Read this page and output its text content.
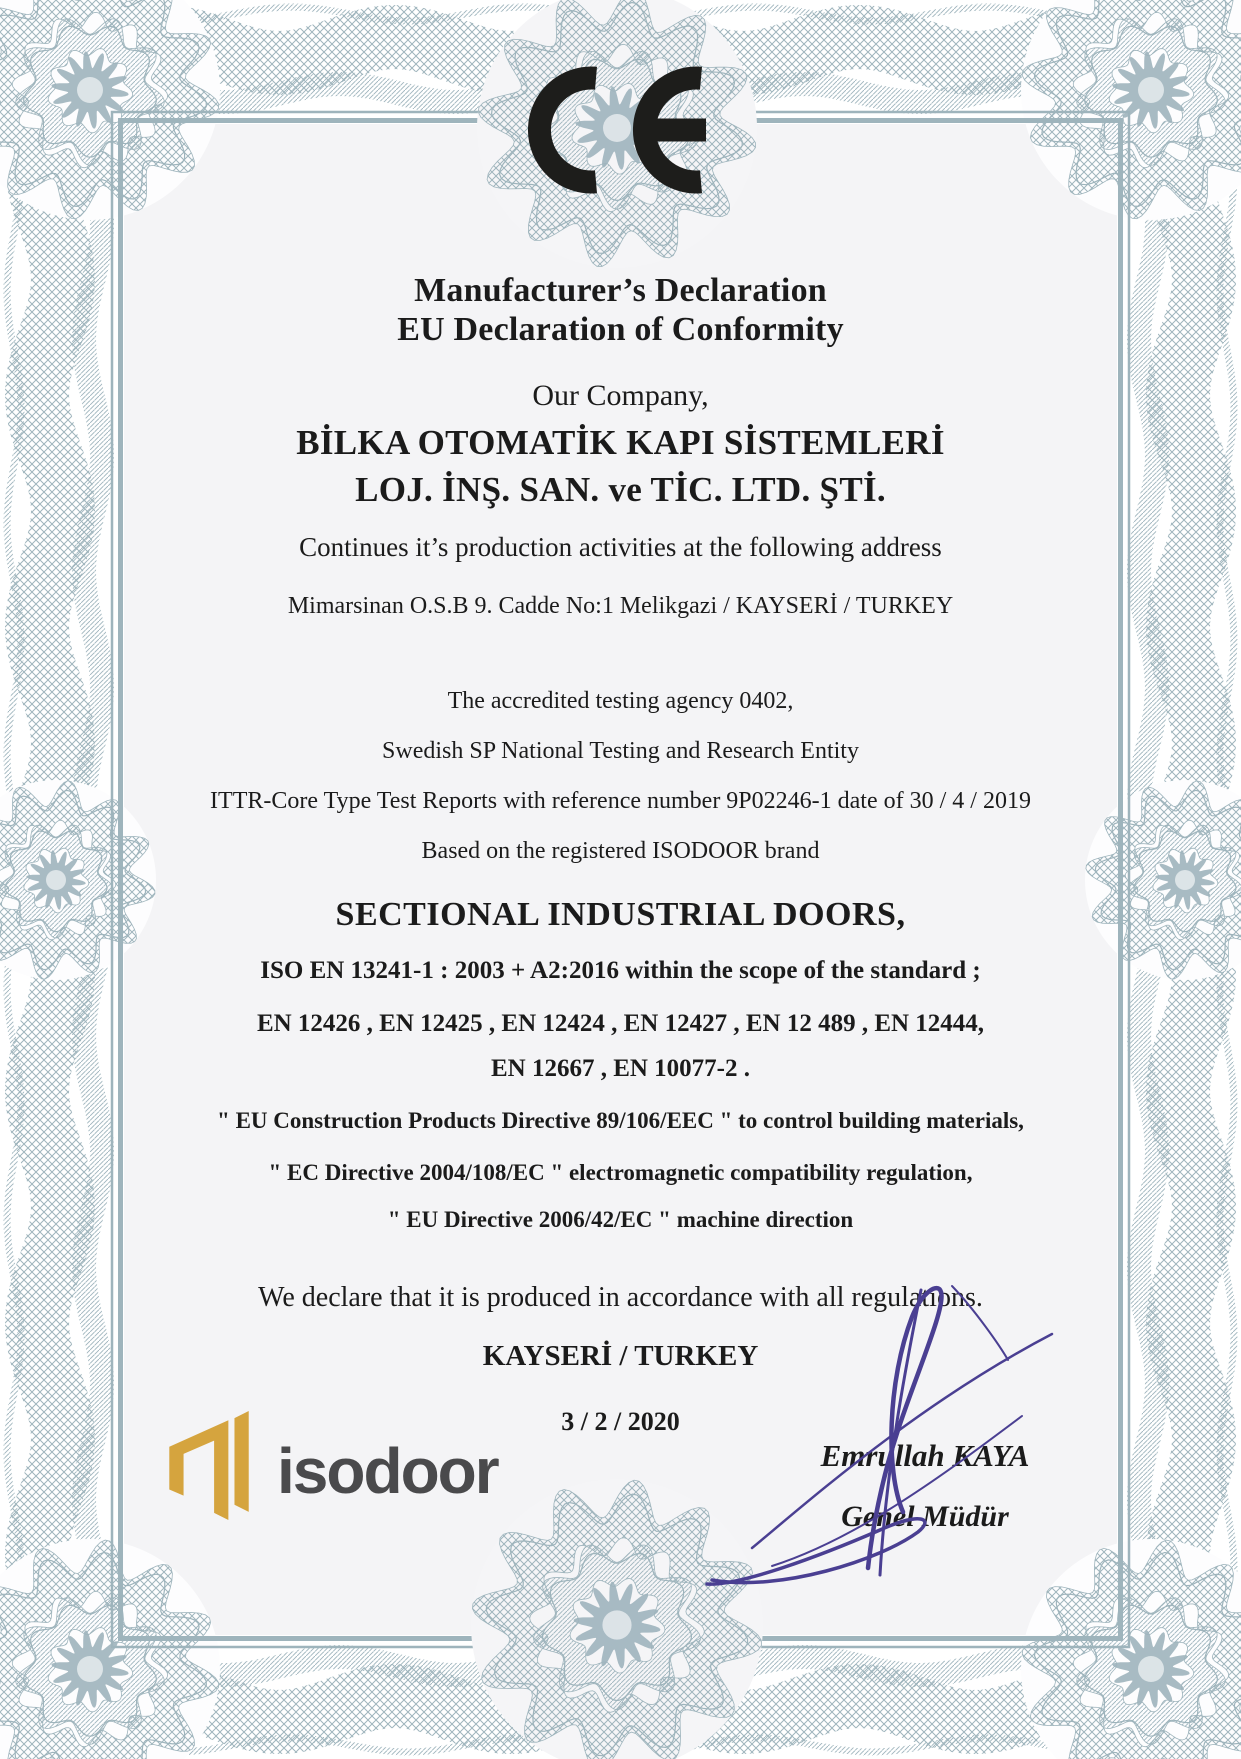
Manufacturer’s Declaration
EU Declaration of Conformity
Our Company,
BİLKA OTOMATİK KAPI SİSTEMLERİ
LOJ. İNŞ. SAN. ve TİC. LTD. ŞTİ.
Continues it’s production activities at the following address
Mimarsinan O.S.B 9. Cadde No:1 Melikgazi / KAYSERİ / TURKEY
The accredited testing agency 0402,
Swedish SP National Testing and Research Entity
ITTR-Core Type Test Reports with reference number 9P02246-1 date of 30 / 4 / 2019
Based on the registered ISODOOR brand
SECTIONAL INDUSTRIAL DOORS,
ISO EN 13241-1 : 2003 + A2:2016 within the scope of the standard ;
EN 12426 , EN 12425 , EN 12424 , EN 12427 , EN 12 489 , EN 12444,
EN 12667 , EN 10077-2 .
" EU Construction Products Directive 89/106/EEC " to control building materials,
" EC Directive 2004/108/EC " electromagnetic compatibility regulation,
" EU Directive 2006/42/EC " machine direction
We declare that it is produced in accordance with all regulations.
KAYSERİ / TURKEY
3 / 2 / 2020
isodoor	Emrullah KAYA
Genel Müdür
